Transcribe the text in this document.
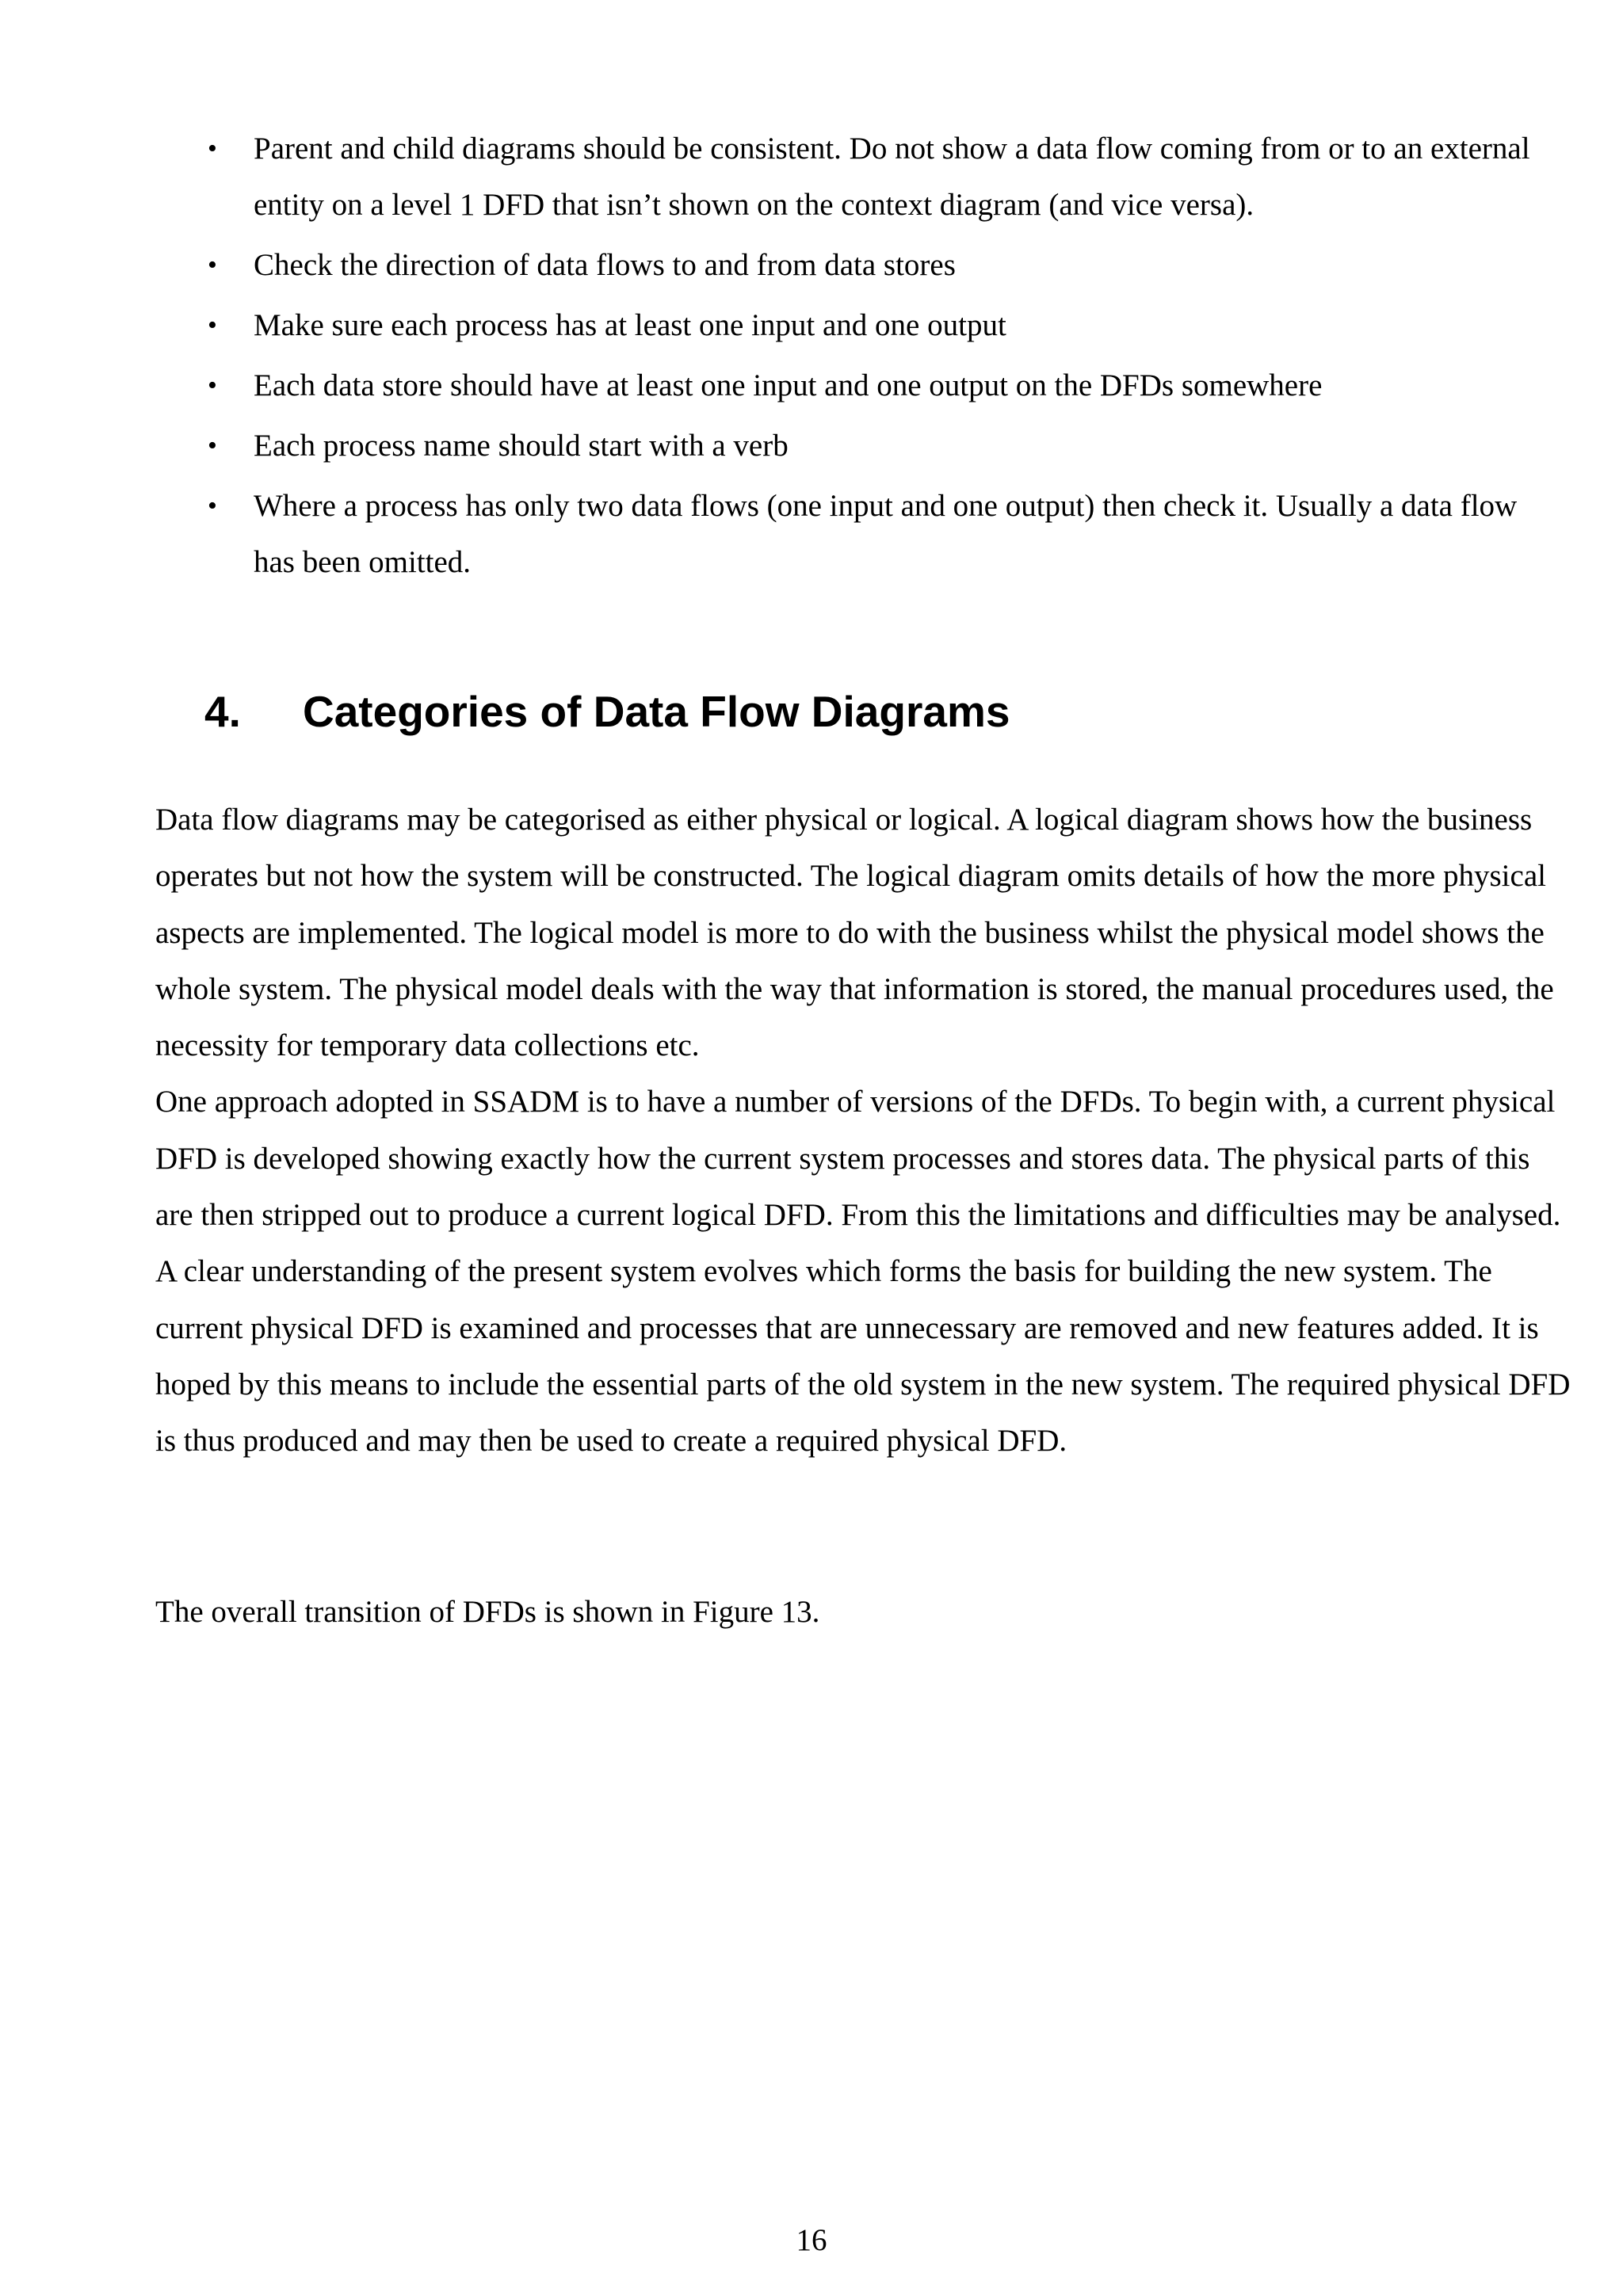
• Parent and child diagrams should be consistent. Do not show a data flow coming from or to an external entity on a level 1 DFD that isn’t shown on the context diagram (and vice versa).
• Check the direction of data flows to and from data stores
• Make sure each process has at least one input and one output
• Each data store should have at least one input and one output on the DFDs somewhere
• Each process name should start with a verb
• Where a process has only two data flows (one input and one output) then check it. Usually a data flow has been omitted.
4. Categories of Data Flow Diagrams

Data flow diagrams may be categorised as either physical or logical. A logical diagram shows how the business operates but not how the system will be constructed. The logical diagram omits details of how the more physical aspects are implemented. The logical model is more to do with the business whilst the physical model shows the whole system. The physical model deals with the way that information is stored, the manual procedures used, the necessity for temporary data collections etc.
One approach adopted in SSADM is to have a number of versions of the DFDs. To begin with, a current physical DFD is developed showing exactly how the current system processes and stores data. The physical parts of this are then stripped out to produce a current logical DFD. From this the limitations and difficulties may be analysed. A clear understanding of the present system evolves which forms the basis for building the new system. The current physical DFD is examined and processes that are unnecessary are removed and new features added. It is hoped by this means to include the essential parts of the old system in the new system. The required physical DFD is thus produced and may then be used to create a required physical DFD.

The overall transition of DFDs is shown in Figure 13.

16
